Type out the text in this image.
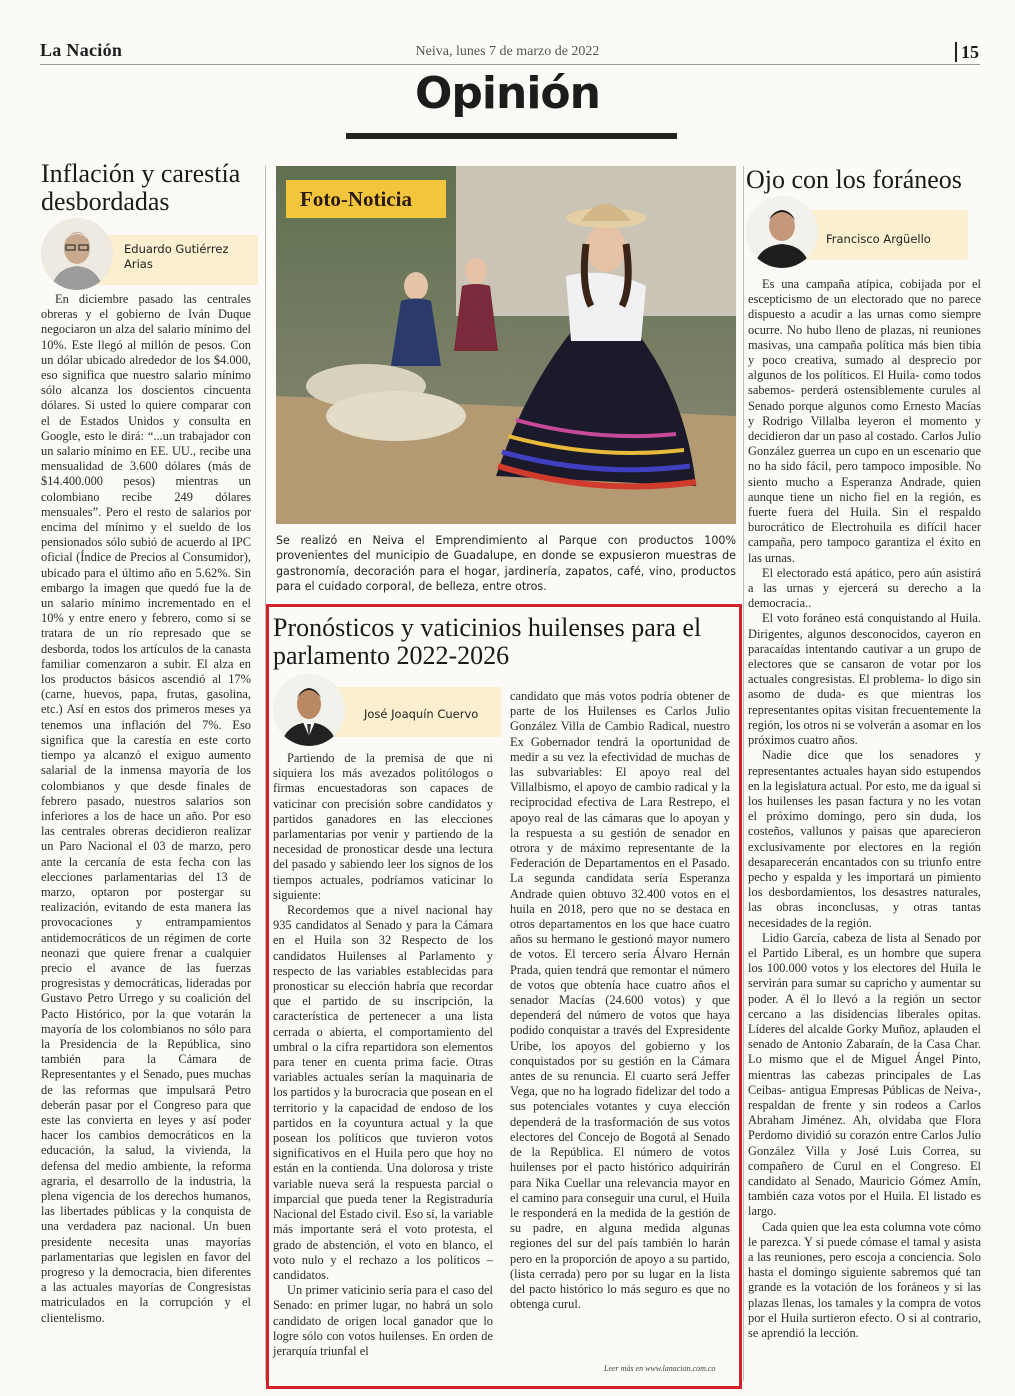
La Nación	Neiva, lunes 7 de marzo de 2022	15
Opinión
Inflación y carestía desbordadas
Eduardo Gutiérrez Arias

En diciembre pasado las centrales obreras y el gobierno de Iván Duque negociaron un alza del salario mínimo del 10%. Este llegó al millón de pesos. Con un dólar ubicado alrededor de los $4.000, eso significa que nuestro salario mínimo sólo alcanza los doscientos cincuenta dólares. Si usted lo quiere comparar con el de Estados Unidos y consulta en Google, esto le dirá: “...un trabajador con un salario mínimo en EE. UU., recibe una mensualidad de 3.600 dólares (más de $14.400.000 pesos) mientras un colombiano recibe 249 dólares mensuales”. Pero el resto de salarios por encima del mínimo y el sueldo de los pensionados sólo subió de acuerdo al IPC oficial (Índice de Precios al Consumidor), ubicado para el último año en 5.62%. Sin embargo la imagen que quedó fue la de un salario mínimo incrementado en el 10% y entre enero y febrero, como si se tratara de un río represado que se desborda, todos los artículos de la canasta familiar comenzaron a subir. El alza en los productos básicos ascendió al 17% (carne, huevos, papa, frutas, gasolina, etc.) Así en estos dos primeros meses ya tenemos una inflación del 7%. Eso significa que la carestía en este corto tiempo ya alcanzó el exiguo aumento salarial de la inmensa mayoría de los colombianos y que desde finales de febrero pasado, nuestros salarios son inferiores a los de hace un año. Por eso las centrales obreras decidieron realizar un Paro Nacional el 03 de marzo, pero ante la cercanía de esta fecha con las elecciones parlamentarias del 13 de marzo, optaron por postergar su realización, evitando de esta manera las provocaciones y entrampamientos antidemocráticos de un régimen de corte neonazi que quiere frenar a cualquier precio el avance de las fuerzas progresistas y democráticas, lideradas por Gustavo Petro Urrego y su coalición del Pacto Histórico, por la que votarán la mayoría de los colombianos no sólo para la Presidencia de la República, sino también para la Cámara de Representantes y el Senado, pues muchas de las reformas que impulsará Petro deberán pasar por el Congreso para que este las convierta en leyes y así poder hacer los cambios democráticos en la educación, la salud, la vivienda, la defensa del medio ambiente, la reforma agraria, el desarrollo de la industria, la plena vigencia de los derechos humanos, las libertades públicas y la conquista de una verdadera paz nacional. Un buen presidente necesita unas mayorías parlamentarias que legislen en favor del progreso y la democracia, bien diferentes a las actuales mayorías de Congresistas matriculados en la corrupción y el clientelismo.

Foto-Noticia
Se realizó en Neiva el Emprendimiento al Parque con productos 100% provenientes del municipio de Guadalupe, en donde se expusieron muestras de gastronomía, decoración para el hogar, jardinería, zapatos, café, vino, productos para el cuidado corporal, de belleza, entre otros.
Pronósticos y vaticinios huilenses para el parlamento 2022-2026
José Joaquín Cuervo

Partiendo de la premisa de que ni siquiera los más avezados politólogos o firmas encuestadoras son capaces de vaticinar con precisión sobre candidatos y partidos ganadores en las elecciones parlamentarias por venir y partiendo de la necesidad de pronosticar desde una lectura del pasado y sabiendo leer los signos de los tiempos actuales, podríamos vaticinar lo siguiente:

Recordemos que a nivel nacional hay 935 candidatos al Senado y para la Cámara en el Huila son 32 Respecto de los candidatos Huilenses al Parlamento y respecto de las variables establecidas para pronosticar su elección habría que recordar que el partido de su inscripción, la característica de pertenecer a una lista cerrada o abierta, el comportamiento del umbral o la cifra repartidora son elementos para tener en cuenta prima facie. Otras variables actuales serían la maquinaria de los partidos y la burocracia que posean en el territorio y la capacidad de endoso de los partidos en la coyuntura actual y la que posean los políticos que tuvieron votos significativos en el Huila pero que hoy no están en la contienda. Una dolorosa y triste variable nueva será la respuesta parcial o imparcial que pueda tener la Registraduría Nacional del Estado civil. Eso sí, la variable más importante será el voto protesta, el grado de abstención, el voto en blanco, el voto nulo y el rechazo a los políticos – candidatos.

Un primer vaticinio sería para el caso del Senado: en primer lugar, no habrá un solo candidato de origen local ganador que lo logre sólo con votos huilenses. En orden de jerarquía triunfal el

candidato que más votos podría obtener de parte de los Huilenses es Carlos Julio González Villa de Cambio Radical, nuestro Ex Gobernador tendrá la oportunidad de medir a su vez la efectividad de muchas de las subvariables: El apoyo real del Villalbismo, el apoyo de cambio radical y la reciprocidad efectiva de Lara Restrepo, el apoyo real de las cámaras que lo apoyan y la respuesta a su gestión de senador en otrora y de máximo representante de la Federación de Departamentos en el Pasado. La segunda candidata sería Esperanza Andrade quien obtuvo 32.400 votos en el huila en 2018, pero que no se destaca en otros departamentos en los que hace cuatro años su hermano le gestionó mayor numero de votos. El tercero sería Álvaro Hernán Prada, quien tendrá que remontar el número de votos que obtenía hace cuatro años el senador Macías (24.600 votos) y que dependerá del número de votos que haya podido conquistar a través del Expresidente Uribe, los apoyos del gobierno y los conquistados por su gestión en la Cámara antes de su renuncia. El cuarto será Jeffer Vega, que no ha logrado fidelizar del todo a sus potenciales votantes y cuya elección dependerá de la trasformación de sus votos electores del Concejo de Bogotá al Senado de la República. El número de votos huilenses por el pacto histórico adquirirán para Nika Cuellar una relevancia mayor en el camino para conseguir una curul, el Huila le responderá en la medida de la gestión de su padre, en alguna medida algunas regiones del sur del país también lo harán pero en la proporción de apoyo a su partido, (lista cerrada) pero por su lugar en la lista del pacto histórico lo más seguro es que no obtenga curul.

Leer más en www.lanacion.com.co
Ojo con los foráneos
Francisco Argüello

Es una campaña atípica, cobijada por el escepticismo de un electorado que no parece dispuesto a acudir a las urnas como siempre ocurre. No hubo lleno de plazas, ni reuniones masivas, una campaña política más bien tibia y poco creativa, sumado al desprecio por algunos de los políticos. El Huila- como todos sabemos- perderá ostensiblemente curules al Senado porque algunos como Ernesto Macías y Rodrigo Villalba leyeron el momento y decidieron dar un paso al costado. Carlos Julio González guerrea un cupo en un escenario que no ha sido fácil, pero tampoco imposible. No siento mucho a Esperanza Andrade, quien aunque tiene un nicho fiel en la región, es fuerte fuera del Huila. Sin el respaldo burocrático de Electrohuila es difícil hacer campaña, pero tampoco garantiza el éxito en las urnas.

El electorado está apático, pero aún asistirá a las urnas y ejercerá su derecho a la democracia..

El voto foráneo está conquistando al Huila. Dirigentes, algunos desconocidos, cayeron en paracaídas intentando cautivar a un grupo de electores que se cansaron de votar por los actuales congresistas. El problema- lo digo sin asomo de duda- es que mientras los representantes opitas visitan frecuentemente la región, los otros ni se volverán a asomar en los próximos cuatro años.

Nadie dice que los senadores y representantes actuales hayan sido estupendos en la legislatura actual. Por esto, me da igual si los huilenses les pasan factura y no les votan el próximo domingo, pero sin duda, los costeños, vallunos y paisas que aparecieron exclusivamente por electores en la región desaparecerán encantados con su triunfo entre pecho y espalda y les importará un pimiento los desbordamientos, los desastres naturales, las obras inconclusas, y otras tantas necesidades de la región.

Lidio García, cabeza de lista al Senado por el Partido Liberal, es un hombre que supera los 100.000 votos y los electores del Huila le servirán para sumar su capricho y aumentar su poder. A él lo llevó a la región un sector cercano a las disidencias liberales opitas. Líderes del alcalde Gorky Muñoz, aplauden el senado de Antonio Zabaraín, de la Casa Char. Lo mismo que el de Miguel Ángel Pinto, mientras las cabezas principales de Las Ceibas- antigua Empresas Públicas de Neiva-, respaldan de frente y sin rodeos a Carlos Abraham Jiménez. Ah, olvidaba que Flora Perdomo dividió su corazón entre Carlos Julio González Villa y José Luis Correa, su compañero de Curul en el Congreso. El candidato al Senado, Mauricio Gómez Amín, también caza votos por el Huila. El listado es largo.

Cada quien que lea esta columna vote cómo le parezca. Y si puede cómase el tamal y asista a las reuniones, pero escoja a conciencia. Solo hasta el domingo siguiente sabremos qué tan grande es la votación de los foráneos y si las plazas llenas, los tamales y la compra de votos por el Huila surtieron efecto. O si al contrario, se aprendió la lección.
